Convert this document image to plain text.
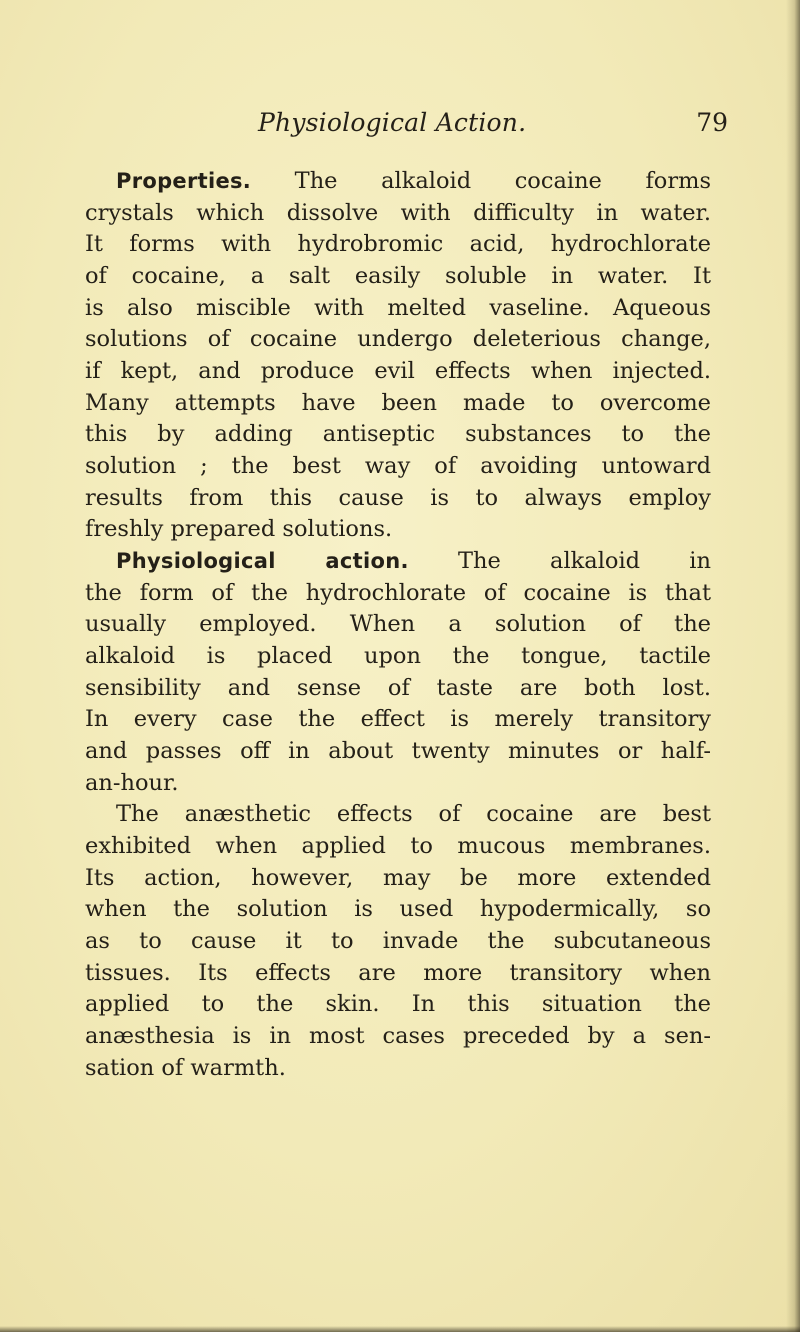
Physiological Action.	79
Properties. The alkaloid cocaine forms
crystals which dissolve with difficulty in water.
It forms with hydrobromic acid, hydrochlorate
of cocaine, a salt easily soluble in water. It
is also miscible with melted vaseline. Aqueous
solutions of cocaine undergo deleterious change,
if kept, and produce evil effects when injected.
Many attempts have been made to overcome
this by adding antiseptic substances to the
solution ; the best way of avoiding untoward
results from this cause is to always employ
freshly prepared solutions.
Physiological action. The alkaloid in
the form of the hydrochlorate of cocaine is that
usually employed. When a solution of the
alkaloid is placed upon the tongue, tactile
sensibility and sense of taste are both lost.
In every case the effect is merely transitory
and passes off in about twenty minutes or half-
an-hour.
The anæsthetic effects of cocaine are best
exhibited when applied to mucous membranes.
Its action, however, may be more extended
when the solution is used hypodermically, so
as to cause it to invade the subcutaneous
tissues. Its effects are more transitory when
applied to the skin. In this situation the
anæsthesia is in most cases preceded by a sen-
sation of warmth.
